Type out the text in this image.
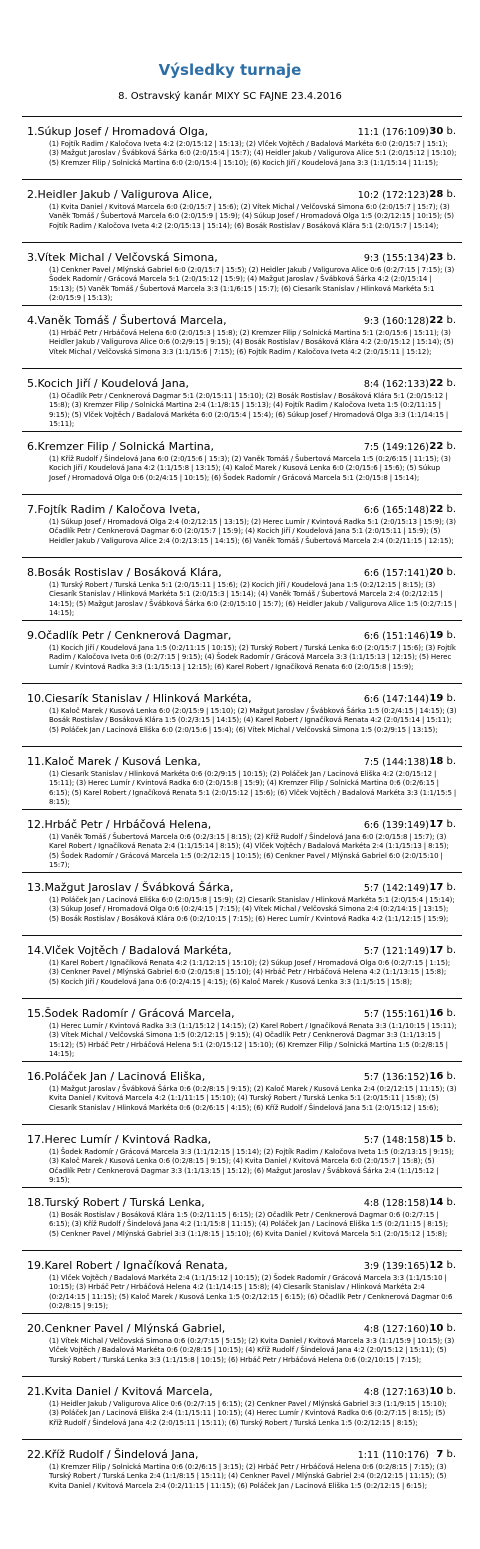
Výsledky turnaje
8. Ostravský kanár MIXY SC FAJNE 23.4.2016
1.Súkup Josef / Hromadová Olga,	11:1 (176:109) 30 b.
(1) Fojtík Radim / Kaločova Iveta 4:2 (2:0/15:12 | 15:13); (2) Vlček Vojtěch / Badalová Markéta 6:0 (2:0/15:7 | 15:1); (3) Mažgut Jaroslav / Švábková Šárka 6:0 (2:0/15:4 | 15:7); (4) Heidler Jakub / Valigurova Alice 5:1 (2:0/15:12 | 15:10); (5) Kremzer Filip / Solnická Martina 6:0 (2:0/15:4 | 15:10); (6) Kocich Jiří / Koudelová Jana 3:3 (1:1/15:14 | 11:15);
2.Heidler Jakub / Valigurova Alice,	10:2 (172:123) 28 b.
(1) Kvita Daniel / Kvitová Marcela 6:0 (2:0/15:7 | 15:6); (2) Vítek Michal / Velčovská Simona 6:0 (2:0/15:7 | 15:7); (3) Vaněk Tomáš / Šubertová Marcela 6:0 (2:0/15:9 | 15:9); (4) Súkup Josef / Hromadová Olga 1:5 (0:2/12:15 | 10:15); (5) Fojtík Radim / Kaločova Iveta 4:2 (2:0/15:13 | 15:14); (6) Bosák Rostislav / Bosáková Klára 5:1 (2:0/15:7 | 15:14);
3.Vítek Michal / Velčovská Simona,	9:3 (155:134) 23 b.
(1) Cenkner Pavel / Mlýnská Gabriel 6:0 (2:0/15:7 | 15:5); (2) Heidler Jakub / Valigurova Alice 0:6 (0:2/7:15 | 7:15); (3) Šodek Radomír / Grácová Marcela 5:1 (2:0/15:12 | 15:9); (4) Mažgut Jaroslav / Švábková Šárka 4:2 (2:0/15:14 | 15:13); (5) Vaněk Tomáš / Šubertová Marcela 3:3 (1:1/6:15 | 15:7); (6) Ciesarík Stanislav / Hlinková Markéta 5:1 (2:0/15:9 | 15:13);
4.Vaněk Tomáš / Šubertová Marcela,	9:3 (160:128) 22 b.
(1) Hrbáč Petr / Hrbáčová Helena 6:0 (2:0/15:3 | 15:8); (2) Kremzer Filip / Solnická Martina 5:1 (2:0/15:6 | 15:11); (3) Heidler Jakub / Valigurova Alice 0:6 (0:2/9:15 | 9:15); (4) Bosák Rostislav / Bosáková Klára 4:2 (2:0/15:12 | 15:14); (5) Vítek Michal / Velčovská Simona 3:3 (1:1/15:6 | 7:15); (6) Fojtík Radim / Kaločova Iveta 4:2 (2:0/15:11 | 15:12);
5.Kocich Jiří / Koudelová Jana,	8:4 (162:133) 22 b.
(1) Očadlík Petr / Cenknerová Dagmar 5:1 (2:0/15:11 | 15:10); (2) Bosák Rostislav / Bosáková Klára 5:1 (2:0/15:12 | 15:8); (3) Kremzer Filip / Solnická Martina 2:4 (1:1/8:15 | 15:13); (4) Fojtík Radim / Kaločova Iveta 1:5 (0:2/11:15 | 9:15); (5) Vlček Vojtěch / Badalová Markéta 6:0 (2:0/15:4 | 15:4); (6) Súkup Josef / Hromadová Olga 3:3 (1:1/14:15 | 15:11);
6.Kremzer Filip / Solnická Martina,	7:5 (149:126) 22 b.
(1) Kříž Rudolf / Šindelová Jana 6:0 (2:0/15:6 | 15:3); (2) Vaněk Tomáš / Šubertová Marcela 1:5 (0:2/6:15 | 11:15); (3) Kocich Jiří / Koudelová Jana 4:2 (1:1/15:8 | 13:15); (4) Kaloč Marek / Kusová Lenka 6:0 (2:0/15:6 | 15:6); (5) Súkup Josef / Hromadová Olga 0:6 (0:2/4:15 | 10:15); (6) Šodek Radomír / Grácová Marcela 5:1 (2:0/15:8 | 15:14);
7.Fojtík Radim / Kaločova Iveta,	6:6 (165:148) 22 b.
(1) Súkup Josef / Hromadová Olga 2:4 (0:2/12:15 | 13:15); (2) Herec Lumír / Kvintová Radka 5:1 (2:0/15:13 | 15:9); (3) Očadlík Petr / Cenknerová Dagmar 6:0 (2:0/15:7 | 15:9); (4) Kocich Jiří / Koudelová Jana 5:1 (2:0/15:11 | 15:9); (5) Heidler Jakub / Valigurova Alice 2:4 (0:2/13:15 | 14:15); (6) Vaněk Tomáš / Šubertová Marcela 2:4 (0:2/11:15 | 12:15);
8.Bosák Rostislav / Bosáková Klára,	6:6 (157:141) 20 b.
(1) Turský Robert / Turská Lenka 5:1 (2:0/15:11 | 15:6); (2) Kocich Jiří / Koudelová Jana 1:5 (0:2/12:15 | 8:15); (3) Ciesarík Stanislav / Hlinková Markéta 5:1 (2:0/15:3 | 15:14); (4) Vaněk Tomáš / Šubertová Marcela 2:4 (0:2/12:15 | 14:15); (5) Mažgut Jaroslav / Švábková Šárka 6:0 (2:0/15:10 | 15:7); (6) Heidler Jakub / Valigurova Alice 1:5 (0:2/7:15 | 14:15);
9.Očadlík Petr / Cenknerová Dagmar,	6:6 (151:146) 19 b.
(1) Kocich Jiří / Koudelová Jana 1:5 (0:2/11:15 | 10:15); (2) Turský Robert / Turská Lenka 6:0 (2:0/15:7 | 15:6); (3) Fojtík Radim / Kaločova Iveta 0:6 (0:2/7:15 | 9:15); (4) Šodek Radomír / Grácová Marcela 3:3 (1:1/15:13 | 12:15); (5) Herec Lumír / Kvintová Radka 3:3 (1:1/15:13 | 12:15); (6) Karel Robert / Ignačíková Renata 6:0 (2:0/15:8 | 15:9);
10.Ciesarík Stanislav / Hlinková Markéta,	6:6 (147:144) 19 b.
(1) Kaloč Marek / Kusová Lenka 6:0 (2:0/15:9 | 15:10); (2) Mažgut Jaroslav / Švábková Šárka 1:5 (0:2/4:15 | 14:15); (3) Bosák Rostislav / Bosáková Klára 1:5 (0:2/3:15 | 14:15); (4) Karel Robert / Ignačíková Renata 4:2 (2:0/15:14 | 15:11); (5) Poláček Jan / Lacinová Eliška 6:0 (2:0/15:6 | 15:4); (6) Vítek Michal / Velčovská Simona 1:5 (0:2/9:15 | 13:15);
11.Kaloč Marek / Kusová Lenka,	7:5 (144:138) 18 b.
(1) Ciesarík Stanislav / Hlinková Markéta 0:6 (0:2/9:15 | 10:15); (2) Poláček Jan / Lacinová Eliška 4:2 (2:0/15:12 | 15:11); (3) Herec Lumír / Kvintová Radka 6:0 (2:0/15:8 | 15:9); (4) Kremzer Filip / Solnická Martina 0:6 (0:2/6:15 | 6:15); (5) Karel Robert / Ignačíková Renata 5:1 (2:0/15:12 | 15:6); (6) Vlček Vojtěch / Badalová Markéta 3:3 (1:1/15:5 | 8:15);
12.Hrbáč Petr / Hrbáčová Helena,	6:6 (139:149) 17 b.
(1) Vaněk Tomáš / Šubertová Marcela 0:6 (0:2/3:15 | 8:15); (2) Kříž Rudolf / Šindelová Jana 6:0 (2:0/15:8 | 15:7); (3) Karel Robert / Ignačíková Renata 2:4 (1:1/15:14 | 8:15); (4) Vlček Vojtěch / Badalová Markéta 2:4 (1:1/15:13 | 8:15); (5) Šodek Radomír / Grácová Marcela 1:5 (0:2/12:15 | 10:15); (6) Cenkner Pavel / Mlýnská Gabriel 6:0 (2:0/15:10 | 15:7);
13.Mažgut Jaroslav / Švábková Šárka,	5:7 (142:149) 17 b.
(1) Poláček Jan / Lacinová Eliška 6:0 (2:0/15:8 | 15:9); (2) Ciesarík Stanislav / Hlinková Markéta 5:1 (2:0/15:4 | 15:14); (3) Súkup Josef / Hromadová Olga 0:6 (0:2/4:15 | 7:15); (4) Vítek Michal / Velčovská Simona 2:4 (0:2/14:15 | 13:15); (5) Bosák Rostislav / Bosáková Klára 0:6 (0:2/10:15 | 7:15); (6) Herec Lumír / Kvintová Radka 4:2 (1:1/12:15 | 15:9);
14.Vlček Vojtěch / Badalová Markéta,	5:7 (121:149) 17 b.
(1) Karel Robert / Ignačíková Renata 4:2 (1:1/12:15 | 15:10); (2) Súkup Josef / Hromadová Olga 0:6 (0:2/7:15 | 1:15); (3) Cenkner Pavel / Mlýnská Gabriel 6:0 (2:0/15:8 | 15:10); (4) Hrbáč Petr / Hrbáčová Helena 4:2 (1:1/13:15 | 15:8); (5) Kocich Jiří / Koudelová Jana 0:6 (0:2/4:15 | 4:15); (6) Kaloč Marek / Kusová Lenka 3:3 (1:1/5:15 | 15:8);
15.Šodek Radomír / Grácová Marcela,	5:7 (155:161) 16 b.
(1) Herec Lumír / Kvintová Radka 3:3 (1:1/15:12 | 14:15); (2) Karel Robert / Ignačíková Renata 3:3 (1:1/10:15 | 15:11); (3) Vítek Michal / Velčovská Simona 1:5 (0:2/12:15 | 9:15); (4) Očadlík Petr / Cenknerová Dagmar 3:3 (1:1/13:15 | 15:12); (5) Hrbáč Petr / Hrbáčová Helena 5:1 (2:0/15:12 | 15:10); (6) Kremzer Filip / Solnická Martina 1:5 (0:2/8:15 | 14:15);
16.Poláček Jan / Lacinová Eliška,	5:7 (136:152) 16 b.
(1) Mažgut Jaroslav / Švábková Šárka 0:6 (0:2/8:15 | 9:15); (2) Kaloč Marek / Kusová Lenka 2:4 (0:2/12:15 | 11:15); (3) Kvita Daniel / Kvitová Marcela 4:2 (1:1/11:15 | 15:10); (4) Turský Robert / Turská Lenka 5:1 (2:0/15:11 | 15:8); (5) Ciesarík Stanislav / Hlinková Markéta 0:6 (0:2/6:15 | 4:15); (6) Kříž Rudolf / Šindelová Jana 5:1 (2:0/15:12 | 15:6);
17.Herec Lumír / Kvintová Radka,	5:7 (148:158) 15 b.
(1) Šodek Radomír / Grácová Marcela 3:3 (1:1/12:15 | 15:14); (2) Fojtík Radim / Kaločova Iveta 1:5 (0:2/13:15 | 9:15); (3) Kaloč Marek / Kusová Lenka 0:6 (0:2/8:15 | 9:15); (4) Kvita Daniel / Kvitová Marcela 6:0 (2:0/15:7 | 15:8); (5) Očadlík Petr / Cenknerová Dagmar 3:3 (1:1/13:15 | 15:12); (6) Mažgut Jaroslav / Švábková Šárka 2:4 (1:1/15:12 | 9:15);
18.Turský Robert / Turská Lenka,	4:8 (128:158) 14 b.
(1) Bosák Rostislav / Bosáková Klára 1:5 (0:2/11:15 | 6:15); (2) Očadlík Petr / Cenknerová Dagmar 0:6 (0:2/7:15 | 6:15); (3) Kříž Rudolf / Šindelová Jana 4:2 (1:1/15:8 | 11:15); (4) Poláček Jan / Lacinová Eliška 1:5 (0:2/11:15 | 8:15); (5) Cenkner Pavel / Mlýnská Gabriel 3:3 (1:1/8:15 | 15:10); (6) Kvita Daniel / Kvitová Marcela 5:1 (2:0/15:12 | 15:8);
19.Karel Robert / Ignačíková Renata,	3:9 (139:165) 12 b.
(1) Vlček Vojtěch / Badalová Markéta 2:4 (1:1/15:12 | 10:15); (2) Šodek Radomír / Grácová Marcela 3:3 (1:1/15:10 | 10:15); (3) Hrbáč Petr / Hrbáčová Helena 4:2 (1:1/14:15 | 15:8); (4) Ciesarík Stanislav / Hlinková Markéta 2:4 (0:2/14:15 | 11:15); (5) Kaloč Marek / Kusová Lenka 1:5 (0:2/12:15 | 6:15); (6) Očadlík Petr / Cenknerová Dagmar 0:6 (0:2/8:15 | 9:15);
20.Cenkner Pavel / Mlýnská Gabriel,	4:8 (127:160) 10 b.
(1) Vítek Michal / Velčovská Simona 0:6 (0:2/7:15 | 5:15); (2) Kvita Daniel / Kvitová Marcela 3:3 (1:1/15:9 | 10:15); (3) Vlček Vojtěch / Badalová Markéta 0:6 (0:2/8:15 | 10:15); (4) Kříž Rudolf / Šindelová Jana 4:2 (2:0/15:12 | 15:11); (5) Turský Robert / Turská Lenka 3:3 (1:1/15:8 | 10:15); (6) Hrbáč Petr / Hrbáčová Helena 0:6 (0:2/10:15 | 7:15);
21.Kvita Daniel / Kvitová Marcela,	4:8 (127:163) 10 b.
(1) Heidler Jakub / Valigurova Alice 0:6 (0:2/7:15 | 6:15); (2) Cenkner Pavel / Mlýnská Gabriel 3:3 (1:1/9:15 | 15:10); (3) Poláček Jan / Lacinová Eliška 2:4 (1:1/15:11 | 10:15); (4) Herec Lumír / Kvintová Radka 0:6 (0:2/7:15 | 8:15); (5) Kříž Rudolf / Šindelová Jana 4:2 (2:0/15:11 | 15:11); (6) Turský Robert / Turská Lenka 1:5 (0:2/12:15 | 8:15);
22.Kříž Rudolf / Šindelová Jana,	1:11 (110:176) 7 b.
(1) Kremzer Filip / Solnická Martina 0:6 (0:2/6:15 | 3:15); (2) Hrbáč Petr / Hrbáčová Helena 0:6 (0:2/8:15 | 7:15); (3) Turský Robert / Turská Lenka 2:4 (1:1/8:15 | 15:11); (4) Cenkner Pavel / Mlýnská Gabriel 2:4 (0:2/12:15 | 11:15); (5) Kvita Daniel / Kvitová Marcela 2:4 (0:2/11:15 | 11:15); (6) Poláček Jan / Lacinová Eliška 1:5 (0:2/12:15 | 6:15);
